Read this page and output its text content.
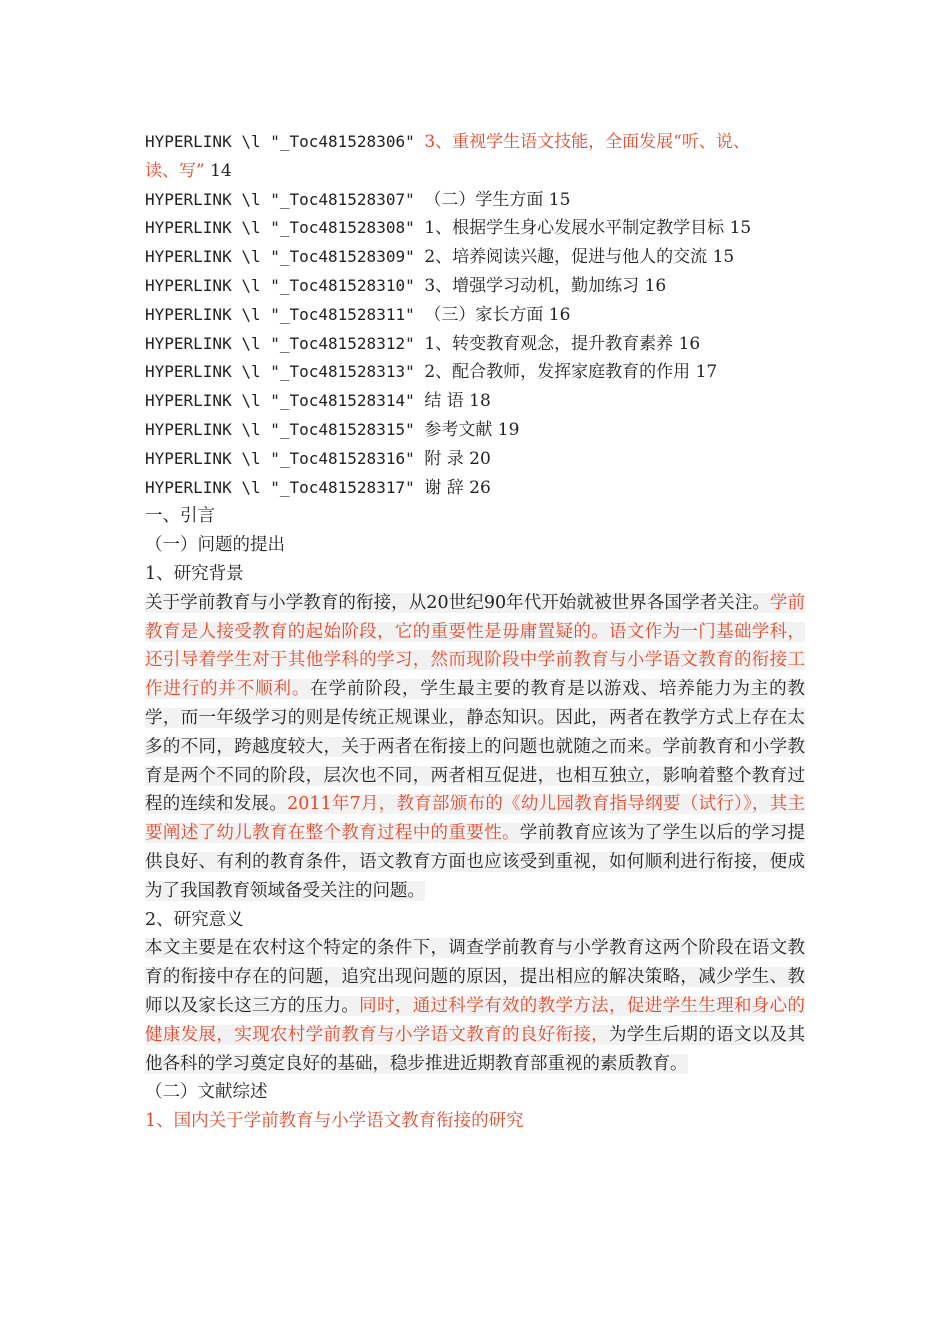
HYPERLINK \l "_Toc481528306" 3、重视学生语文技能，全面发展“听、说、
读、写” 14
HYPERLINK \l "_Toc481528307" （二）学生方面 15
HYPERLINK \l "_Toc481528308" 1、根据学生身心发展水平制定教学目标 15
HYPERLINK \l "_Toc481528309" 2、培养阅读兴趣，促进与他人的交流 15
HYPERLINK \l "_Toc481528310" 3、增强学习动机，勤加练习 16
HYPERLINK \l "_Toc481528311" （三）家长方面 16
HYPERLINK \l "_Toc481528312" 1、转变教育观念，提升教育素养 16
HYPERLINK \l "_Toc481528313" 2、配合教师，发挥家庭教育的作用 17
HYPERLINK \l "_Toc481528314" 结 语 18
HYPERLINK \l "_Toc481528315" 参考文献 19
HYPERLINK \l "_Toc481528316" 附 录 20
HYPERLINK \l "_Toc481528317" 谢 辞 26
一、引言
（一）问题的提出
1、研究背景
关于学前教育与小学教育的衔接，从20世纪90年代开始就被世界各国学者关注。学前教育是人接受教育的起始阶段，它的重要性是毋庸置疑的。语文作为一门基础学科，还引导着学生对于其他学科的学习，然而现阶段中学前教育与小学语文教育的衔接工作进行的并不顺利。在学前阶段，学生最主要的教育是以游戏、培养能力为主的教学，而一年级学习的则是传统正规课业，静态知识。因此，两者在教学方式上存在太多的不同，跨越度较大，关于两者在衔接上的问题也就随之而来。学前教育和小学教育是两个不同的阶段，层次也不同，两者相互促进，也相互独立，影响着整个教育过程的连续和发展。2011年7月，教育部颁布的《幼儿园教育指导纲要（试行）》，其主要阐述了幼儿教育在整个教育过程中的重要性。学前教育应该为了学生以后的学习提供良好、有利的教育条件，语文教育方面也应该受到重视，如何顺利进行衔接，便成为了我国教育领域备受关注的问题。
2、研究意义
本文主要是在农村这个特定的条件下，调查学前教育与小学教育这两个阶段在语文教育的衔接中存在的问题，追究出现问题的原因，提出相应的解决策略，减少学生、教师以及家长这三方的压力。同时，通过科学有效的教学方法，促进学生生理和身心的健康发展，实现农村学前教育与小学语文教育的良好衔接，为学生后期的语文以及其他各科的学习奠定良好的基础，稳步推进近期教育部重视的素质教育。
（二）文献综述
1、国内关于学前教育与小学语文教育衔接的研究
